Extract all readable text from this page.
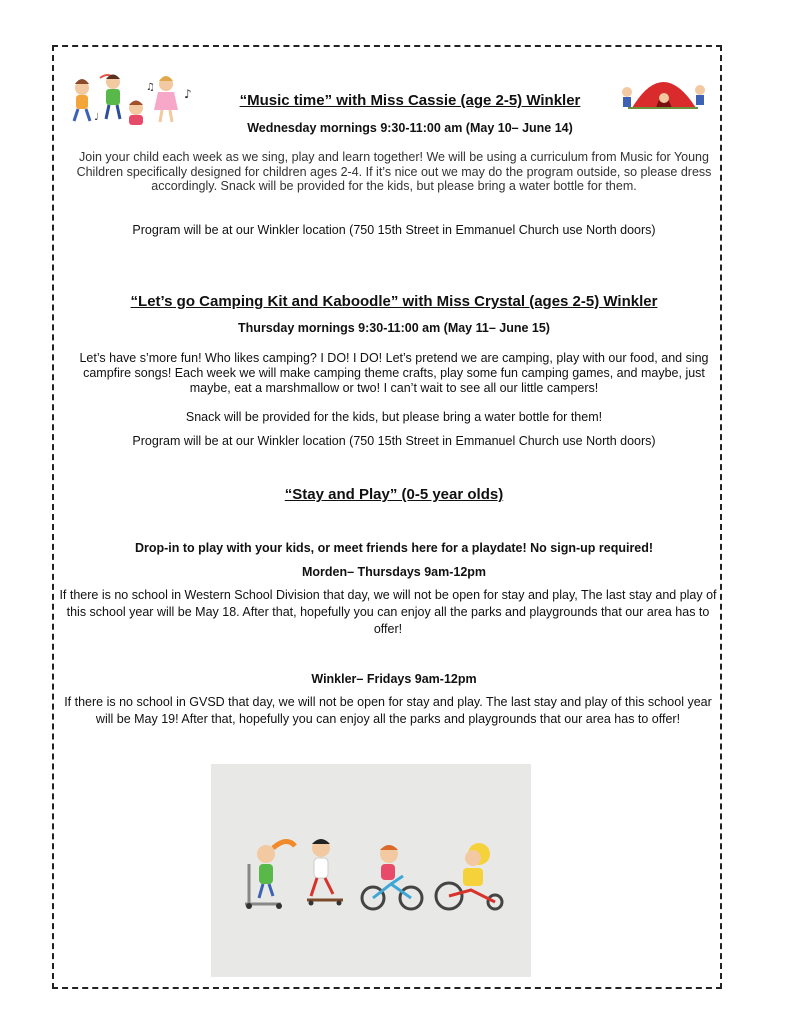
♪
♫
♩
“Music time” with Miss Cassie (age 2-5) Winkler
Wednesday mornings 9:30-11:00 am (May 10– June 14)
Join your child each week as we sing, play and learn together! We will be using a curriculum from Music for Young Children specifically designed for children ages 2-4. If it’s nice out we may do the program outside, so please dress accordingly. Snack will be provided for the kids, but please bring a water bottle for them.
Program will be at our Winkler location (750 15th Street in Emmanuel Church use North doors)
“Let’s go Camping Kit and Kaboodle” with Miss Crystal (ages 2-5) Winkler
Thursday mornings 9:30-11:00 am (May 11– June 15)
Let’s have s’more fun! Who likes camping? I DO! I DO! Let’s pretend we are camping, play with our food, and sing campfire songs! Each week we will make camping theme crafts, play some fun camping games, and maybe, just maybe, eat a marshmallow or two! I can’t wait to see all our little campers!
Snack will be provided for the kids, but please bring a water bottle for them!
Program will be at our Winkler location (750 15th Street in Emmanuel Church use North doors)
“Stay and Play” (0-5 year olds)
Drop-in to play with your kids, or meet friends here for a playdate! No sign-up required!
Morden– Thursdays 9am-12pm
If there is no school in Western School Division that day, we will not be open for stay and play, The last stay and play of this school year will be May 18. After that, hopefully you can enjoy all the parks and playgrounds that our area has to offer!
Winkler– Fridays 9am-12pm
If there is no school in GVSD that day, we will not be open for stay and play. The last stay and play of this school year will be May 19! After that, hopefully you can enjoy all the parks and playgrounds that our area has to offer!
